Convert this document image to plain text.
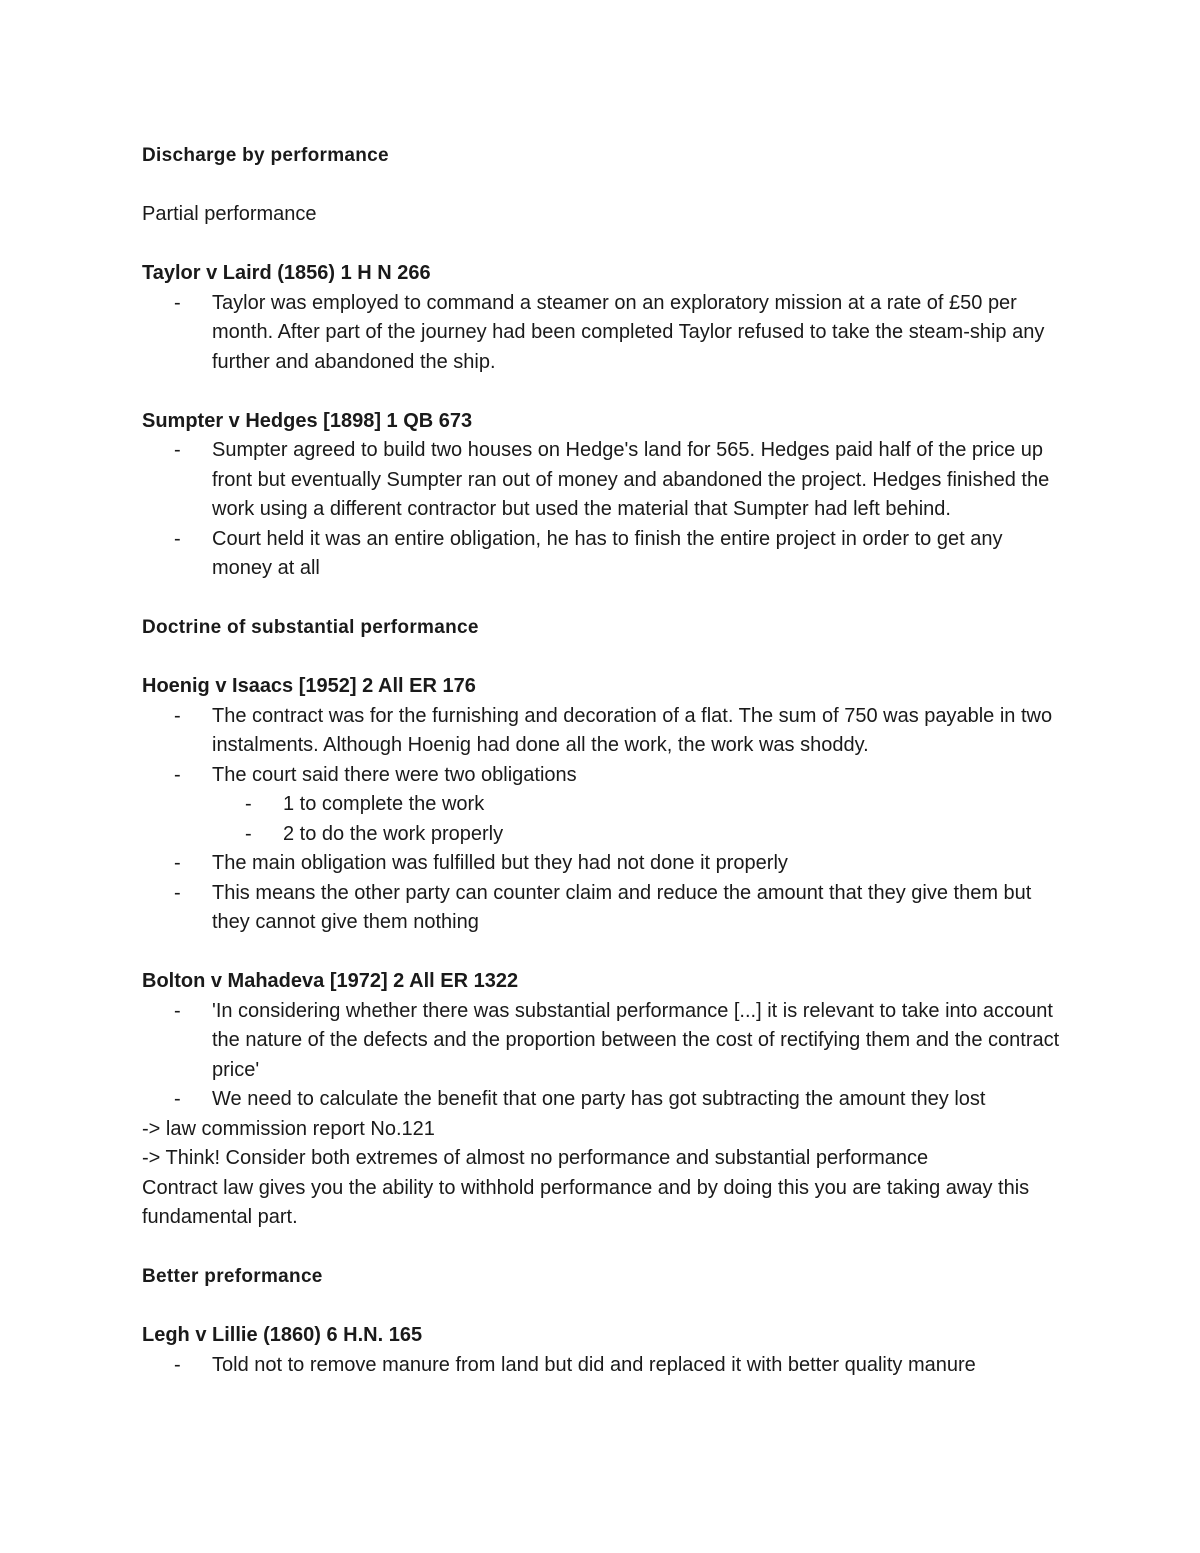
Discharge by performance
Partial performance
Taylor v Laird (1856) 1 H N 266
- Taylor was employed to command a steamer on an exploratory mission at a rate of £50 per month. After part of the journey had been completed Taylor refused to take the steam-ship any further and abandoned the ship.
Sumpter v Hedges [1898] 1 QB 673
- Sumpter agreed to build two houses on Hedge's land for 565. Hedges paid half of the price up front but eventually Sumpter ran out of money and abandoned the project. Hedges finished the work using a different contractor but used the material that Sumpter had left behind.
- Court held it was an entire obligation, he has to finish the entire project in order to get any money at all
Doctrine of substantial performance
Hoenig v Isaacs [1952] 2 All ER 176
- The contract was for the furnishing and decoration of a flat. The sum of 750 was payable in two instalments. Although Hoenig had done all the work, the work was shoddy.
- The court said there were two obligations
- 1 to complete the work
- 2 to do the work properly
- The main obligation was fulfilled but they had not done it properly
- This means the other party can counter claim and reduce the amount that they give them but they cannot give them nothing
Bolton v Mahadeva [1972] 2 All ER 1322
- 'In considering whether there was substantial performance [...] it is relevant to take into account the nature of the defects and the proportion between the cost of rectifying them and the contract price'
- We need to calculate the benefit that one party has got subtracting the amount they lost
-> law commission report No.121
-> Think! Consider both extremes of almost no performance and substantial performance
Contract law gives you the ability to withhold performance and by doing this you are taking away this fundamental part.
Better preformance
Legh v Lillie (1860) 6 H.N. 165
- Told not to remove manure from land but did and replaced it with better quality manure
